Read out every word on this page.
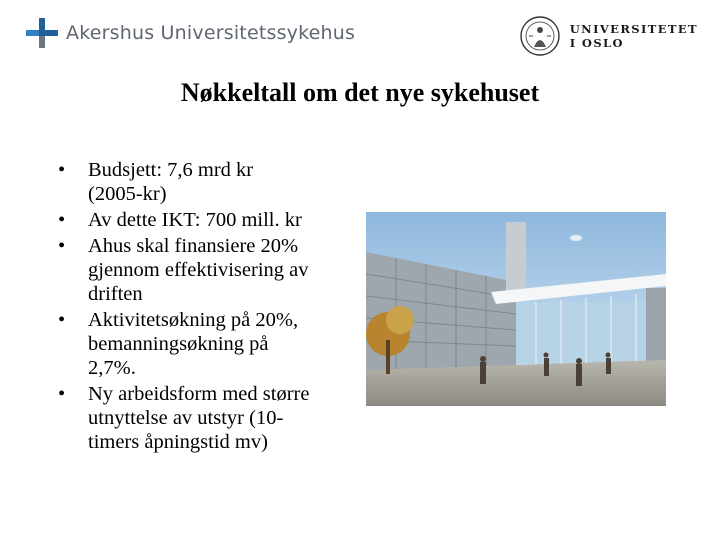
Akershus Universitetssykehus	UNIVERSITETET
I OSLO
Nøkkeltall om det nye sykehuset
• Budsjett: 7,6 mrd kr
(2005-kr)
• Av dette IKT: 700 mill. kr
• Ahus skal finansiere 20%
gjennom effektivisering av
driften
• Aktivitetsøkning på 20%,
bemanningsøkning på
2,7%.
• Ny arbeidsform med større
utnyttelse av utstyr (10-
timers åpningstid mv)
